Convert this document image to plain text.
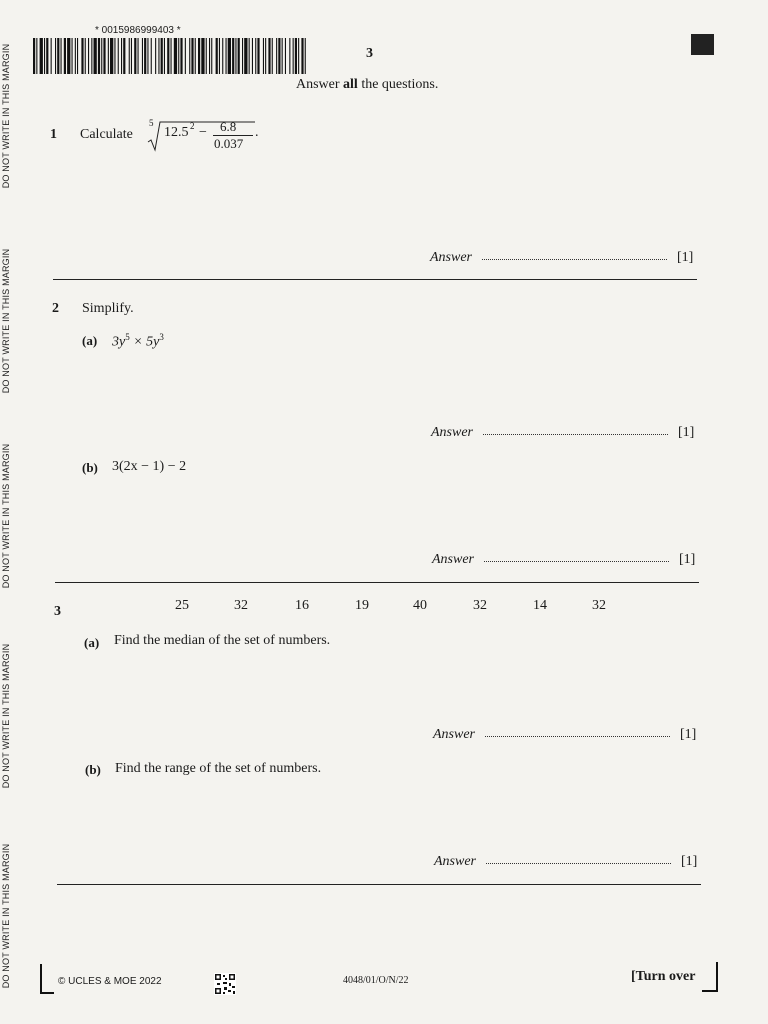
DO NOT WRITE IN THIS MARGIN
DO NOT WRITE IN THIS MARGIN
DO NOT WRITE IN THIS MARGIN
DO NOT WRITE IN THIS MARGIN
DO NOT WRITE IN THIS MARGIN
* 0015986999403 *
3
Answer all the questions.
1 Calculate
5
12.5 2 − 6.8
0.037
.
Answer	[1]
2 Simplify.
(a) $3y^5 \times 5y^3$
Answer	[1]
(b) 3(2x − 1) − 2
Answer	[1]
3	25	32	16	19	40	32	14	32
(a) Find the median of the set of numbers.
Answer	[1]
(b) Find the range of the set of numbers.
Answer	[1]
© UCLES & MOE 2022	4048/01/O/N/22	[Turn over
